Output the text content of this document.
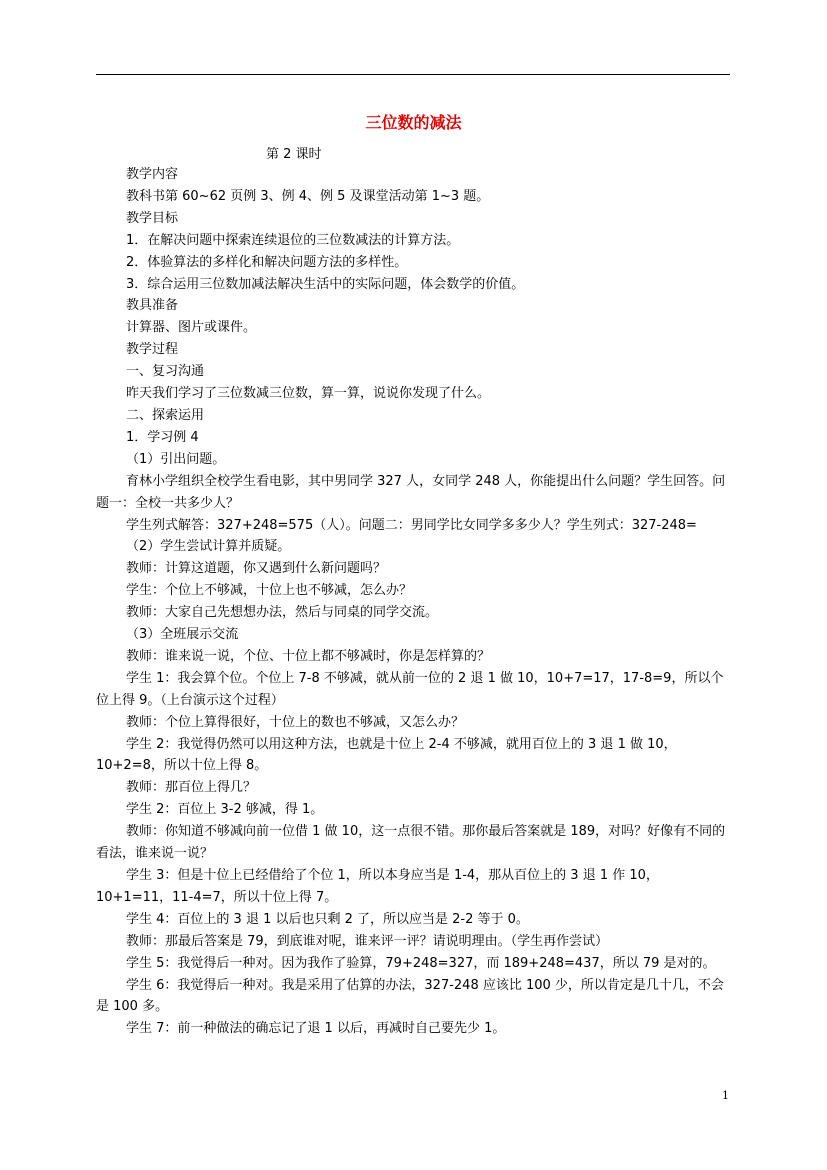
三位数的减法
第 2 课时

教学内容

教科书第 60~62 页例 3、例 4、例 5 及课堂活动第 1~3 题。

教学目标

1．在解决问题中探索连续退位的三位数减法的计算方法。

2．体验算法的多样化和解决问题方法的多样性。

3．综合运用三位数加减法解决生活中的实际问题，体会数学的价值。

教具准备

计算器、图片或课件。

教学过程

一、复习沟通

昨天我们学习了三位数减三位数，算一算，说说你发现了什么。

二、探索运用

1．学习例 4

（1）引出问题。

育林小学组织全校学生看电影，其中男同学 327 人，女同学 248 人，你能提出什么问题？学生回答。问题一：全校一共多少人？

学生列式解答：327+248=575（人）。问题二：男同学比女同学多多少人？学生列式：327-248=

（2）学生尝试计算并质疑。

教师：计算这道题，你又遇到什么新问题吗？

学生：个位上不够减，十位上也不够减，怎么办？

教师：大家自己先想想办法，然后与同桌的同学交流。

（3）全班展示交流

教师：谁来说一说，个位、十位上都不够减时，你是怎样算的？

学生 1：我会算个位。个位上 7-8 不够减，就从前一位的 2 退 1 做 10，10+7=17，17-8=9，所以个位上得 9。（上台演示这个过程）

教师：个位上算得很好，十位上的数也不够减，又怎么办？

学生 2：我觉得仍然可以用这种方法，也就是十位上 2-4 不够减，就用百位上的 3 退 1 做 10，10+2=8，所以十位上得 8。

教师：那百位上得几？

学生 2：百位上 3-2 够减，得 1。

教师：你知道不够减向前一位借 1 做 10，这一点很不错。那你最后答案就是 189，对吗？好像有不同的看法，谁来说一说？

学生 3：但是十位上已经借给了个位 1，所以本身应当是 1-4，那从百位上的 3 退 1 作 10，10+1=11，11-4=7，所以十位上得 7。

学生 4：百位上的 3 退 1 以后也只剩 2 了，所以应当是 2-2 等于 0。

教师：那最后答案是 79，到底谁对呢，谁来评一评？请说明理由。（学生再作尝试）

学生 5：我觉得后一种对。因为我作了验算，79+248=327，而 189+248=437，所以 79 是对的。

学生 6：我觉得后一种对。我是采用了估算的办法，327-248 应该比 100 少，所以肯定是几十几，不会是 100 多。

学生 7：前一种做法的确忘记了退 1 以后，再减时自己要先少 1。

1
